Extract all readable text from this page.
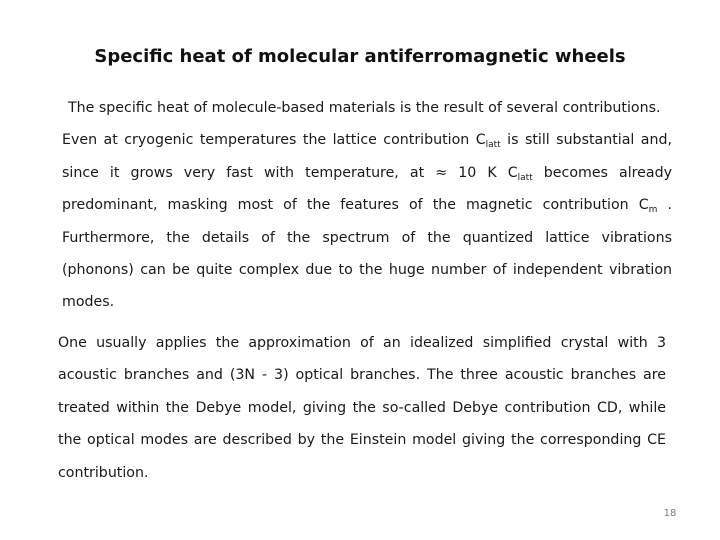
Specific heat of molecular antiferromagnetic wheels

The specific heat of molecule-based materials is the result of several contributions.
Even at cryogenic temperatures the lattice contribution $C_{latt}$ is still substantial and, since it grows very fast with temperature, at ≈ 10 K $C_{latt}$ becomes already predominant, masking most of the features of the magnetic contribution $C_m$ . Furthermore, the details of the spectrum of the quantized lattice vibrations (phonons) can be quite complex due to the huge number of independent vibration modes.

One usually applies the approximation of an idealized simplified crystal with 3 acoustic branches and (3N - 3) optical branches. The three acoustic branches are treated within the Debye model, giving the so-called Debye contribution CD, while the optical modes are described by the Einstein model giving the corresponding CE contribution.

18
